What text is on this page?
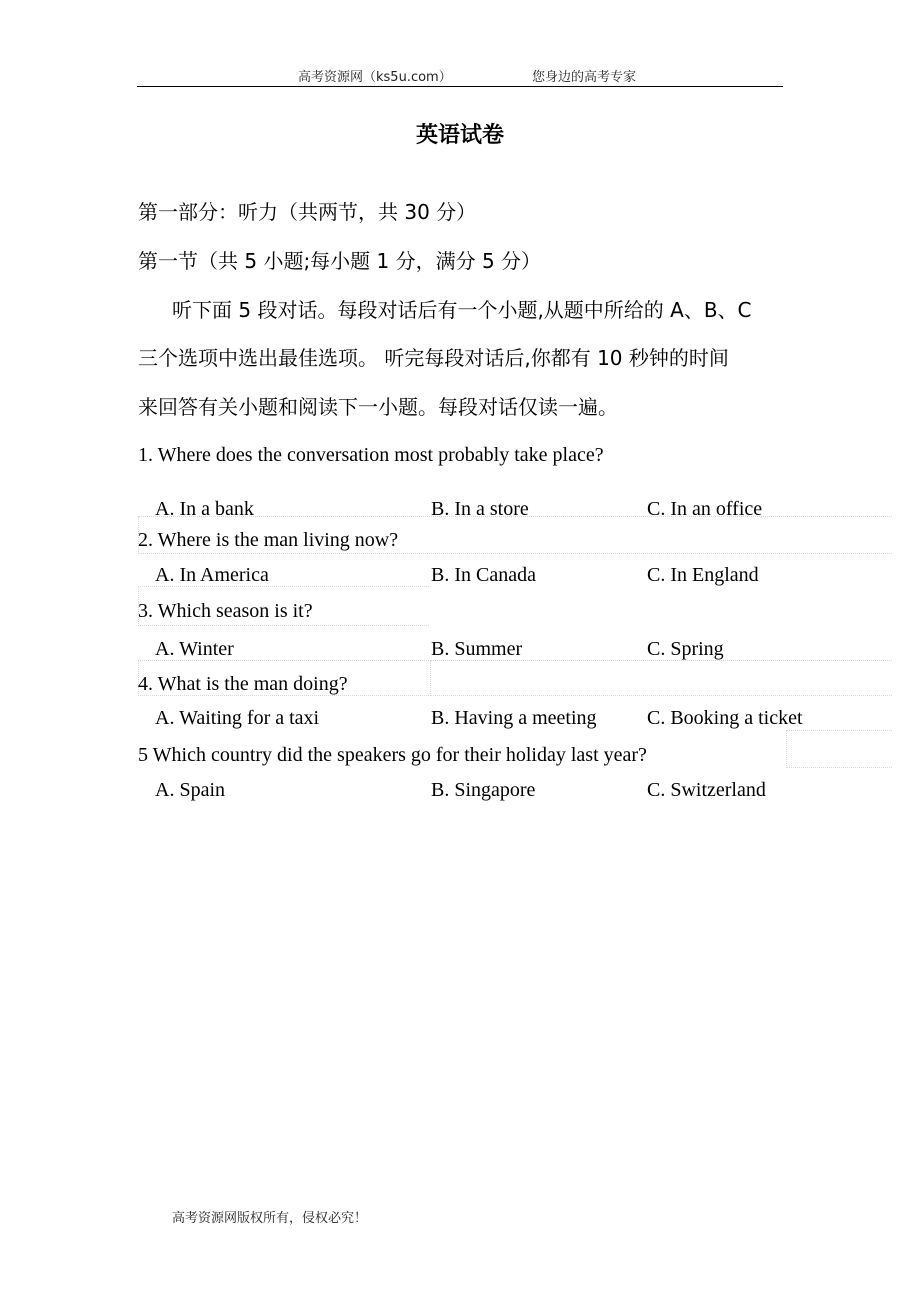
高考资源网（ks5u.com）	您身边的高考专家
英语试卷
第一部分：听力（共两节，共 30 分）
第一节（共 5 小题;每小题 1 分，满分 5 分）
听下面 5 段对话。每段对话后有一个小题,从题中所给的 A、B、C
三个选项中选出最佳选项。 听完每段对话后,你都有 10 秒钟的时间
来回答有关小题和阅读下一小题。每段对话仅读一遍。
1. Where does the conversation most probably take place?
A. In a bank	B. In a store	C. In an office
2. Where is the man living now?
A. In America	B. In Canada	C. In England
3. Which season is it?
A. Winter	B. Summer	C. Spring
4. What is the man doing?
A. Waiting for a taxi	B. Having a meeting	C. Booking a ticket
5 Which country did the speakers go for their holiday last year?
A. Spain	B. Singapore	C. Switzerland
高考资源网版权所有，侵权必究！
